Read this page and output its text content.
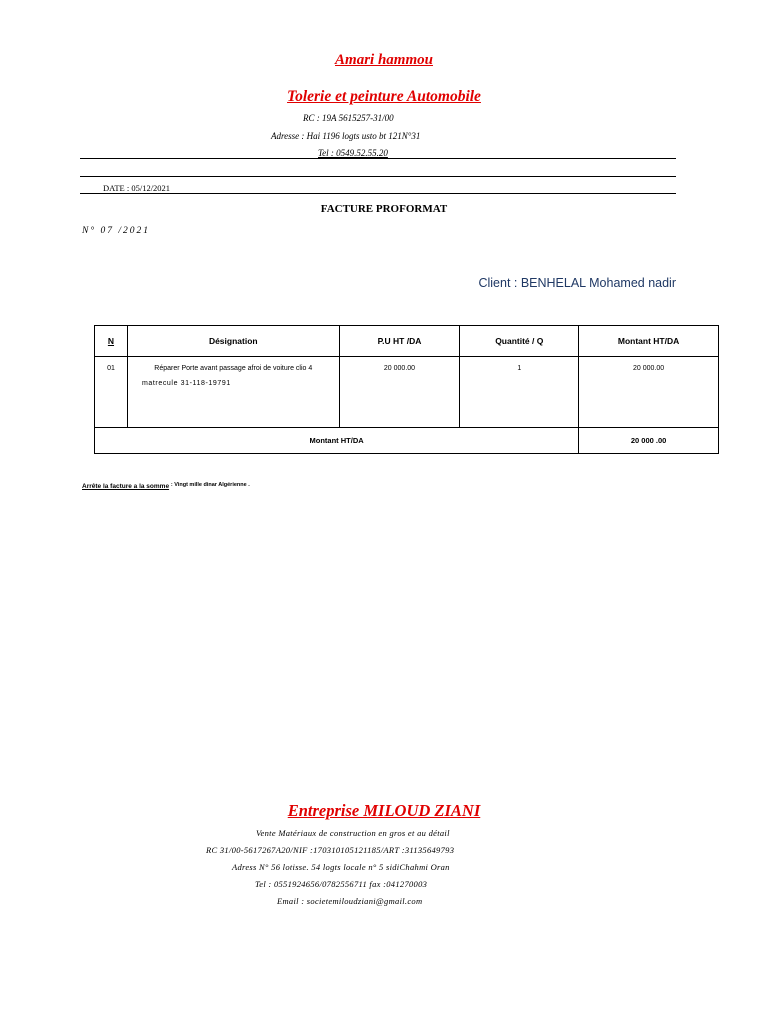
Amari hammou
Tolerie et peinture Automobile
RC : 19A 5615257-31/00
Adresse : Hai 1196 logts usto bt 121N°31
Tel : 0549.52.55.20
DATE : 05/12/2021
FACTURE PROFORMAT
N° 07 /2021
Client : BENHELAL Mohamed nadir
N	Désignation	P.U HT /DA	Quantité / Q	Montant HT/DA
01	Réparer Porte avant passage afroi de voiture clio 4
matrecule 31-118-19791	20 000.00	1	20 000.00
Montant HT/DA				20 000 .00
Arrête la facture a la somme $^{: Vingt mille dinar Algérienne .}$
Entreprise MILOUD ZIANI
Vente Matériaux de construction en gros et au détail
RC 31/00-5617267A20/NIF :170310105121185/ART :31135649793
Adress N° 56 lotisse. 54 logts locale n° 5 sidiChahmi Oran
Tel : 0551924656/0782556711 fax :041270003
Email : societemiloudziani@gmail.com
